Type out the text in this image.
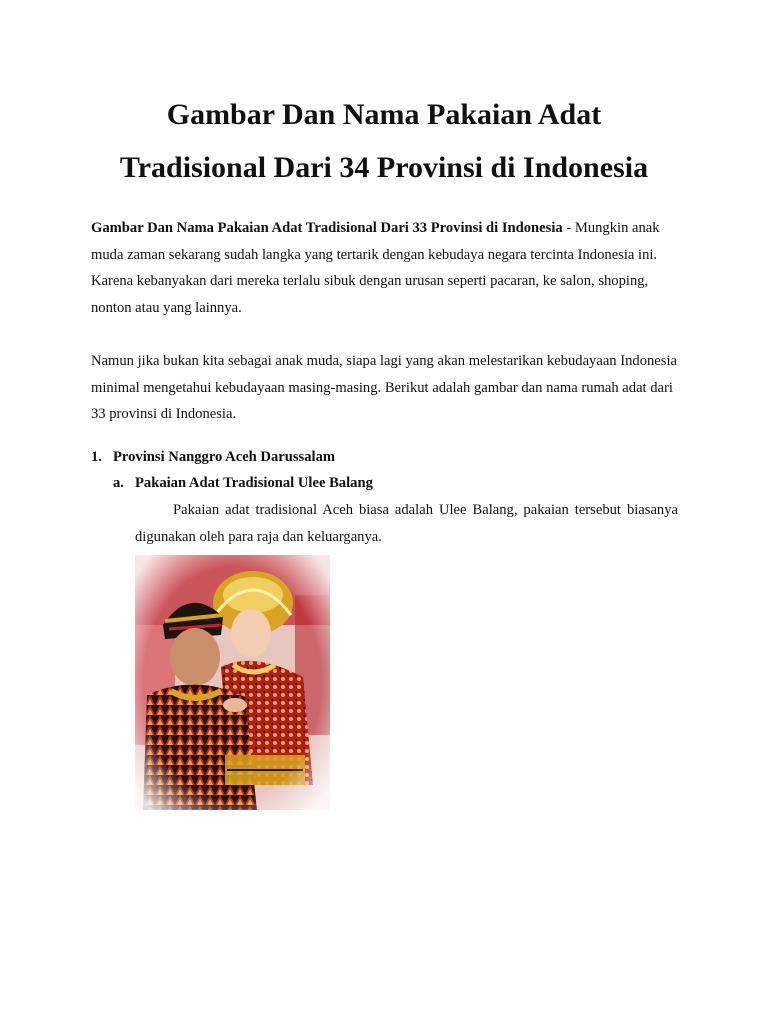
Gambar Dan Nama Pakaian Adat
Tradisional Dari 34 Provinsi di Indonesia

Gambar Dan Nama Pakaian Adat Tradisional Dari 33 Provinsi di Indonesia - Mungkin anak muda zaman sekarang sudah langka yang tertarik dengan kebudaya negara tercinta Indonesia ini. Karena kebanyakan dari mereka terlalu sibuk dengan urusan seperti pacaran, ke salon, shoping, nonton atau yang lainnya.

Namun jika bukan kita sebagai anak muda, siapa lagi yang akan melestarikan kebudayaan Indonesia minimal mengetahui kebudayaan masing-masing. Berikut adalah gambar dan nama rumah adat dari 33 provinsi di Indonesia.

1. Provinsi Nanggro Aceh Darussalam
a. Pakaian Adat Tradisional Ulee Balang

Pakaian adat tradisional Aceh biasa adalah Ulee Balang, pakaian tersebut biasanya digunakan oleh para raja dan keluarganya.
